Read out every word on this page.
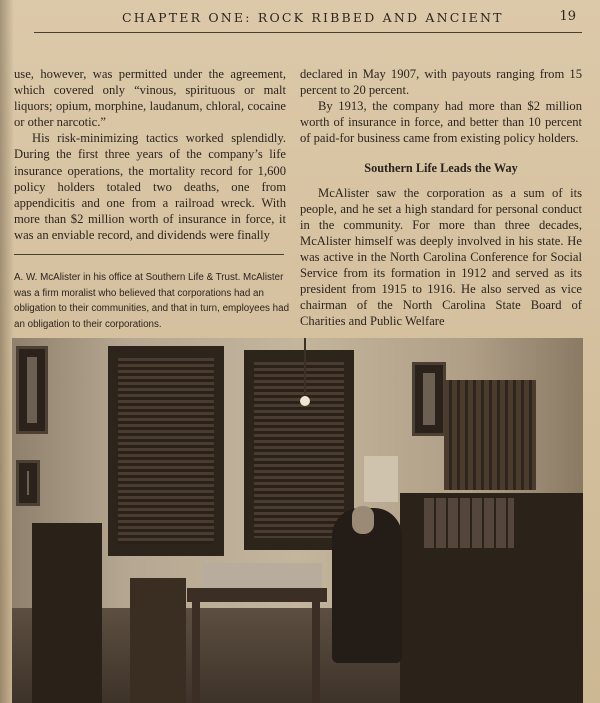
CHAPTER ONE: ROCK RIBBED AND ANCIENT	19

use, however, was permitted under the agreement, which covered only “vinous, spirituous or malt liquors; opium, morphine, laudanum, chloral, cocaine or other narcotic.”

His risk-minimizing tactics worked splendidly. During the first three years of the company’s life insurance operations, the mortality record for 1,600 policy holders totaled two deaths, one from appendicitis and one from a railroad wreck. With more than $2 million worth of insurance in force, it was an enviable record, and dividends were finally

A. W. McAlister in his office at Southern Life & Trust. McAlister was a firm moralist who believed that corporations had an obligation to their communities, and that in turn, employees had an obligation to their corporations.

declared in May 1907, with payouts ranging from 15 percent to 20 percent.

By 1913, the company had more than $2 million worth of insurance in force, and better than 10 percent of paid-for business came from existing policy holders.

Southern Life Leads the Way

McAlister saw the corporation as a sum of its people, and he set a high standard for personal conduct in the community. For more than three decades, McAlister himself was deeply involved in his state. He was active in the North Carolina Conference for Social Service from its formation in 1912 and served as its president from 1915 to 1916. He also served as vice chairman of the North Carolina State Board of Charities and Public Welfare
